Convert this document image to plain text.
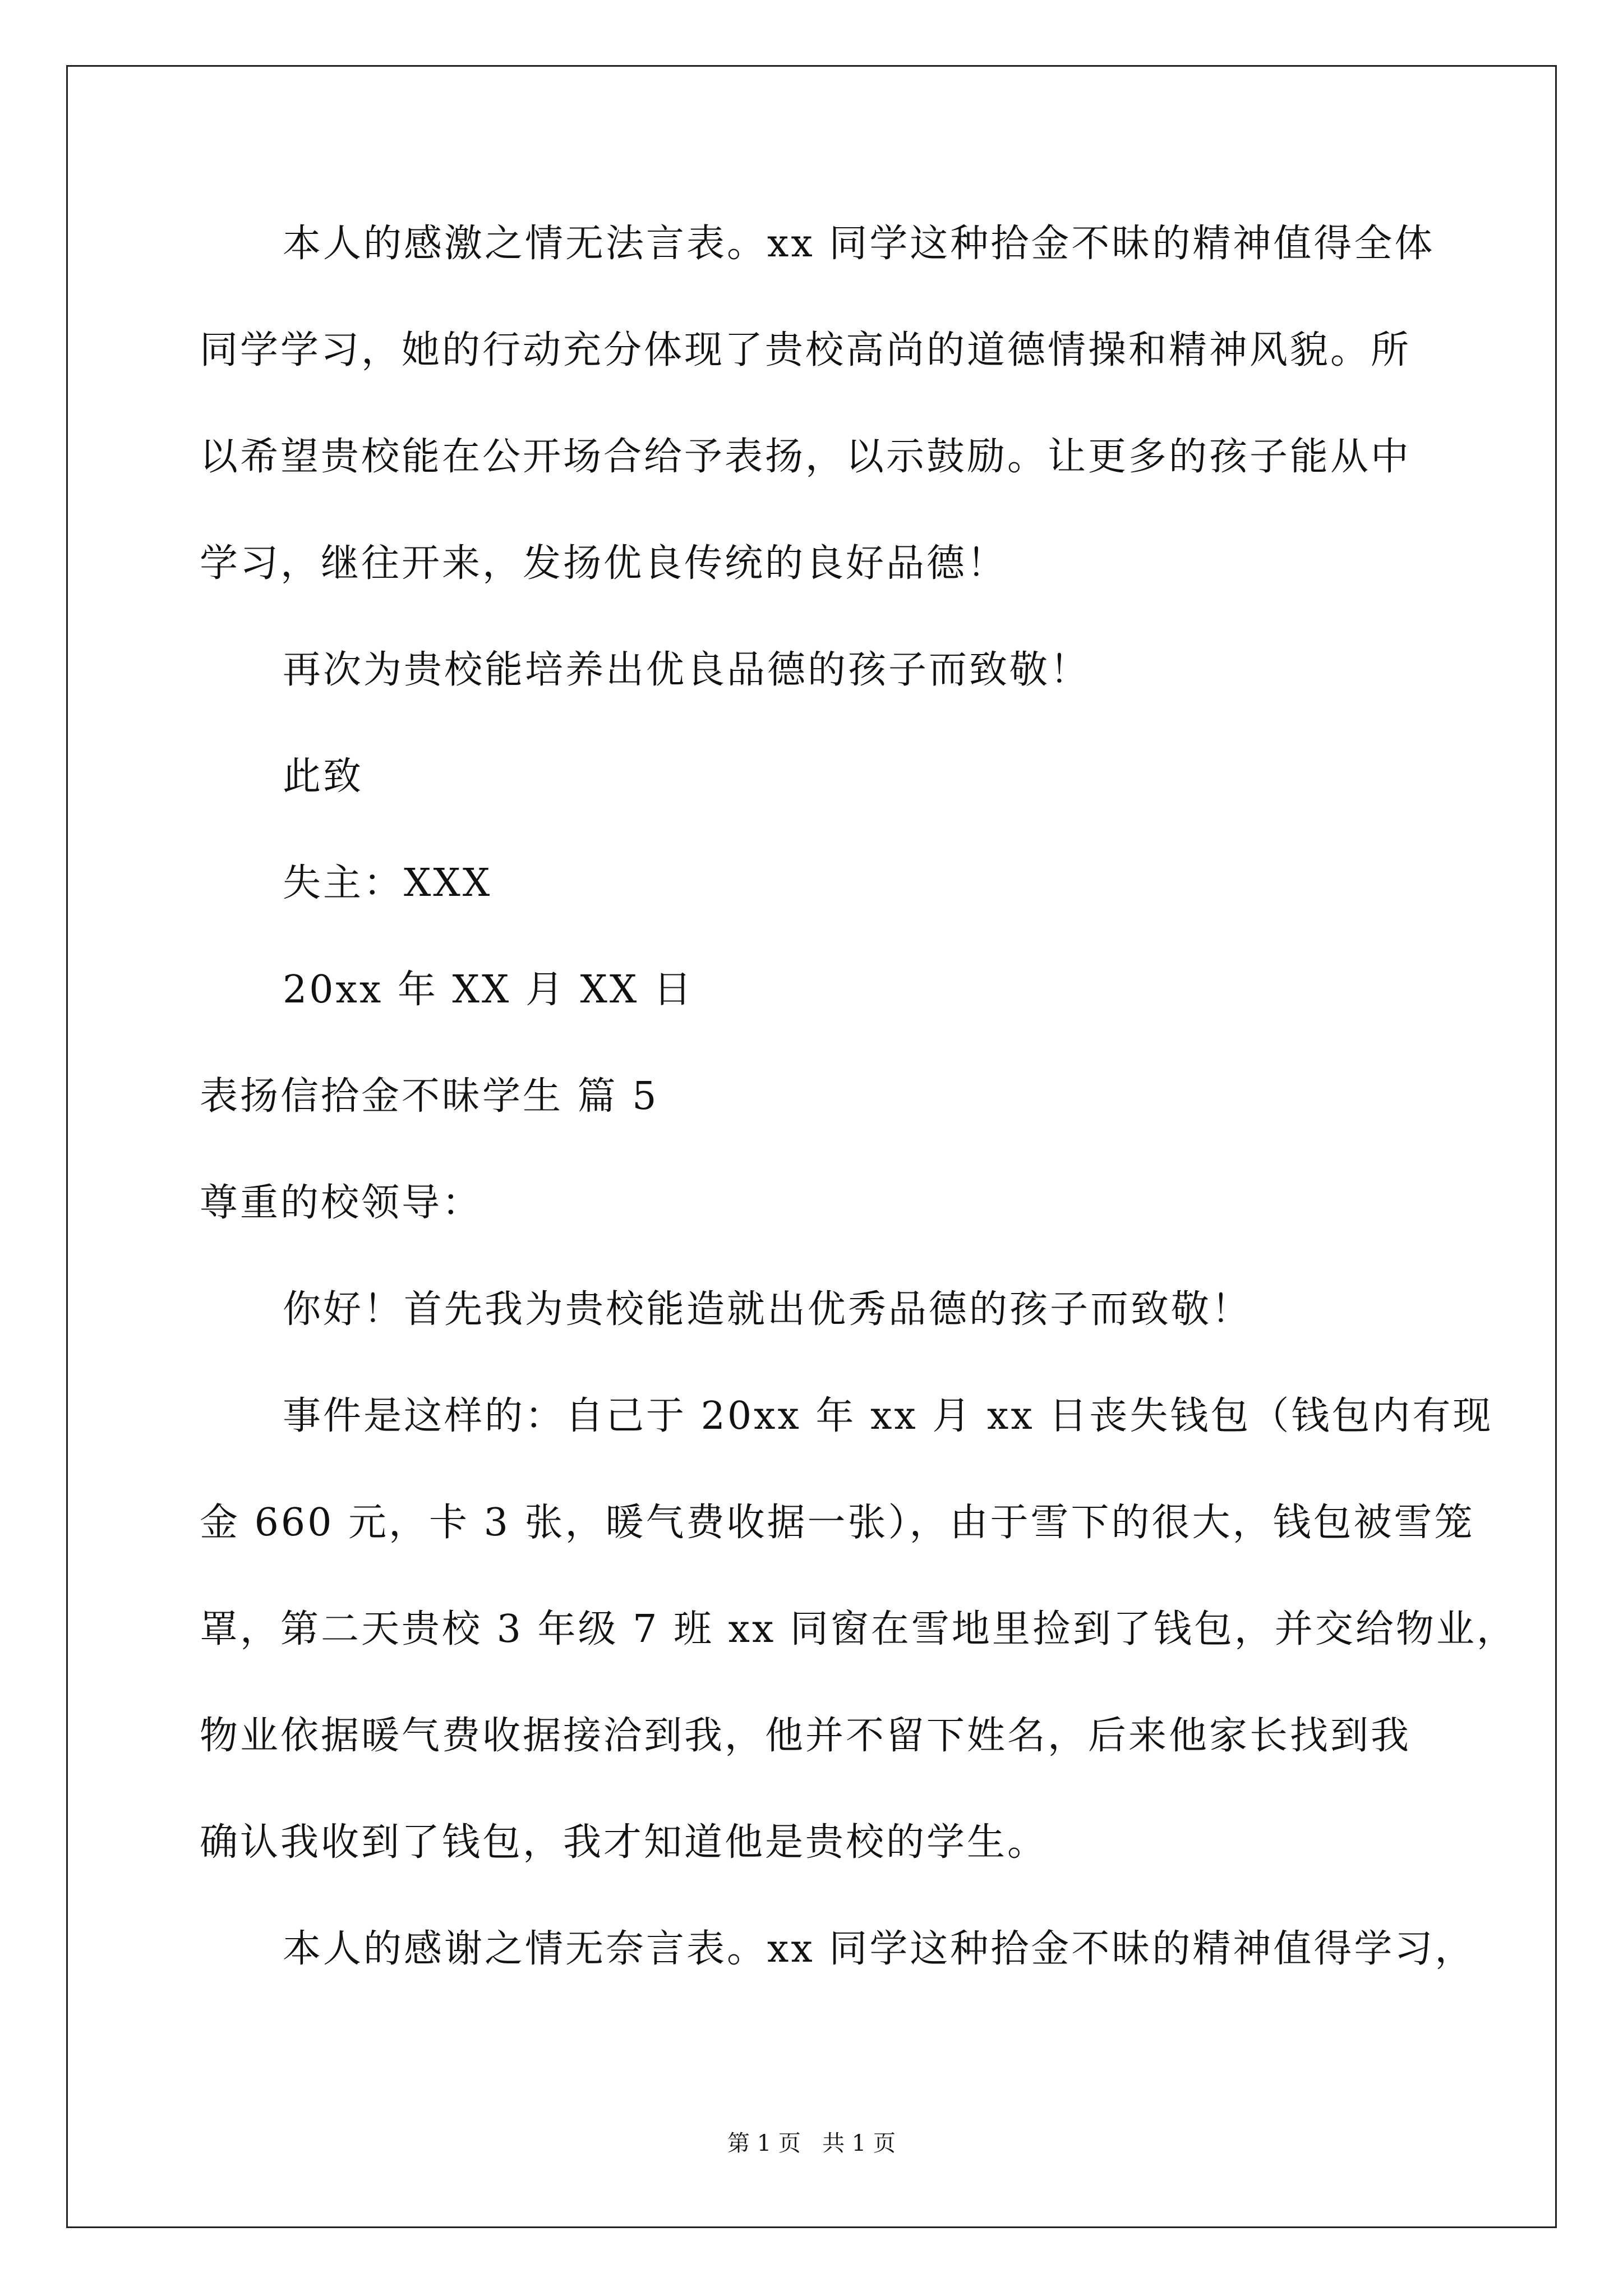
本人的感激之情无法言表。xx 同学这种拾金不昧的精神值得全体
同学学习，她的行动充分体现了贵校高尚的道德情操和精神风貌。所
以希望贵校能在公开场合给予表扬，以示鼓励。让更多的孩子能从中
学习，继往开来，发扬优良传统的良好品德！
再次为贵校能培养出优良品德的孩子而致敬！
此致
失主：XXX
20xx 年 XX 月 XX 日
表扬信拾金不昧学生 篇 5
尊重的校领导：
你好！首先我为贵校能造就出优秀品德的孩子而致敬！
事件是这样的：自己于 20xx 年 xx 月 xx 日丧失钱包（钱包内有现
金 660 元，卡 3 张，暖气费收据一张），由于雪下的很大，钱包被雪笼
罩，第二天贵校 3 年级 7 班 xx 同窗在雪地里捡到了钱包，并交给物业，
物业依据暖气费收据接洽到我，他并不留下姓名，后来他家长找到我
确认我收到了钱包，我才知道他是贵校的学生。
本人的感谢之情无奈言表。xx 同学这种拾金不昧的精神值得学习，
第 1 页   共 1 页
